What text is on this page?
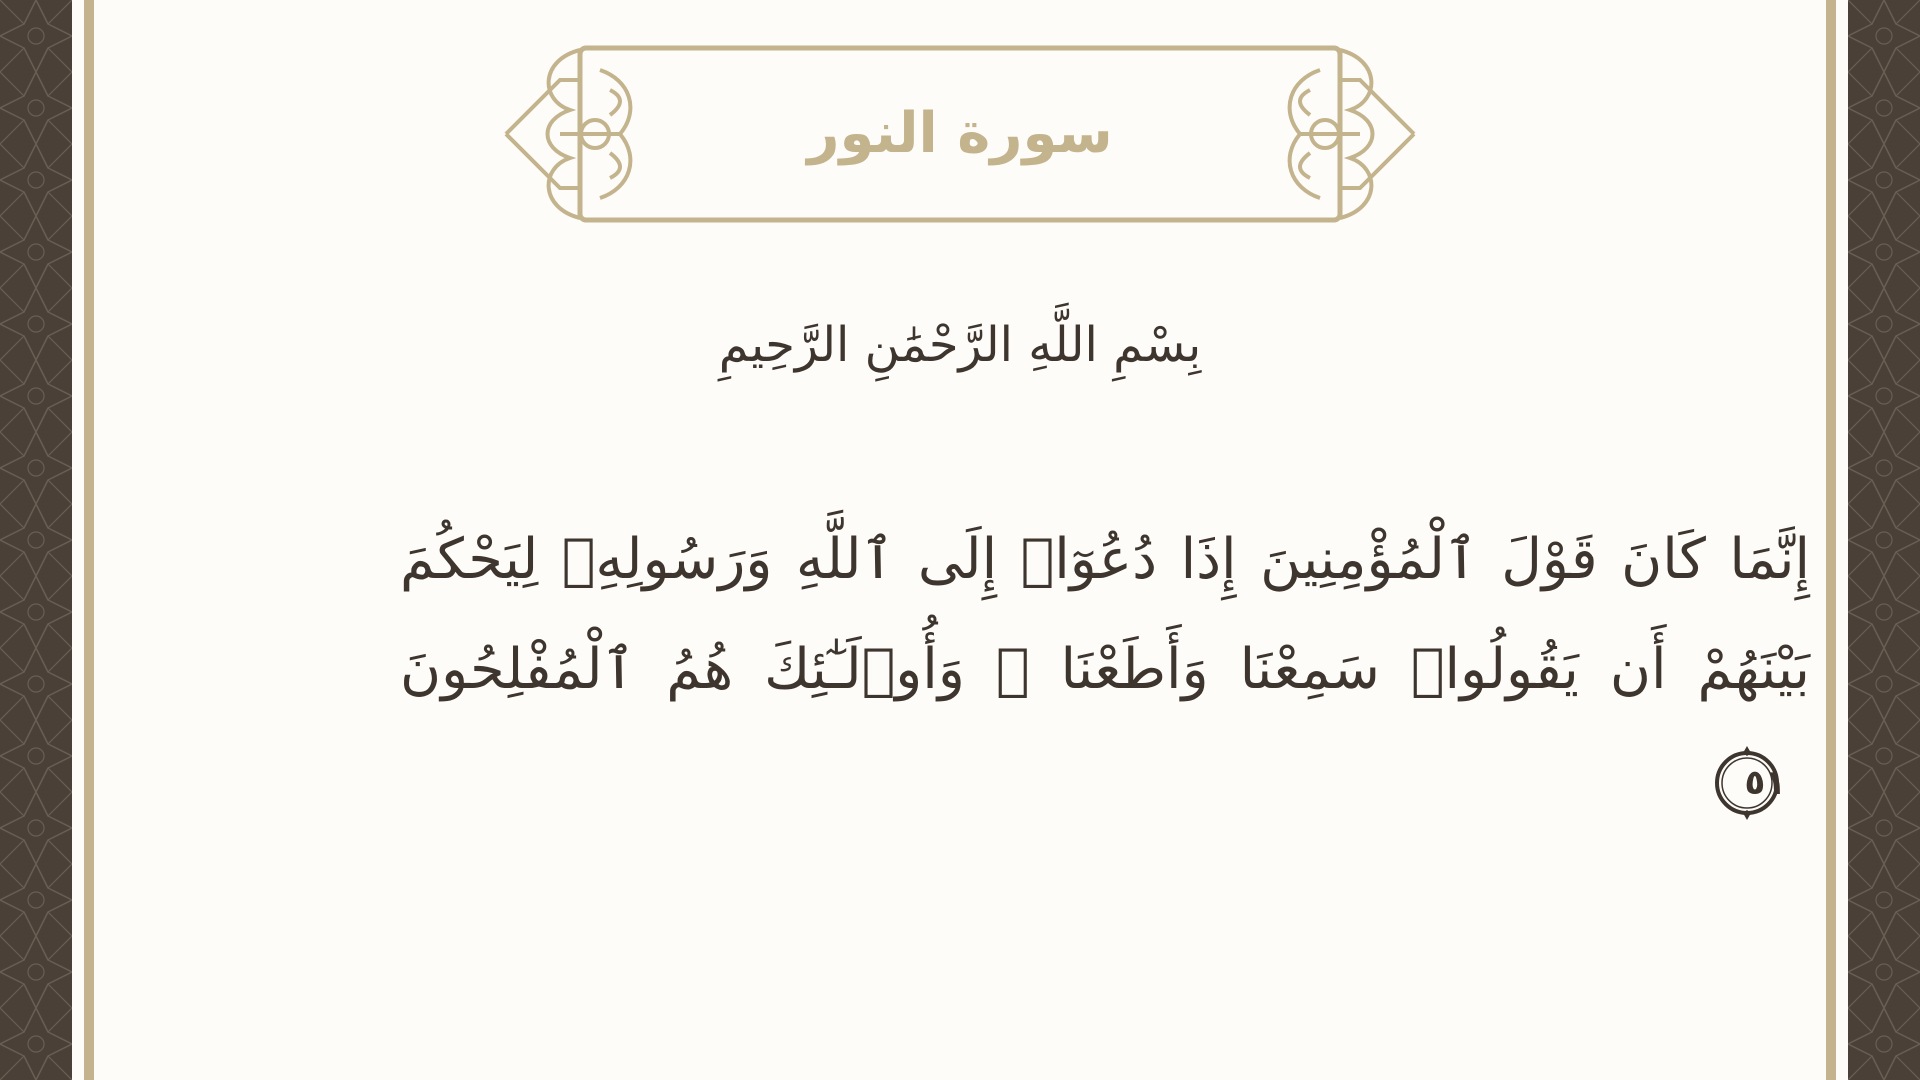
سورة النور
بِسْمِ اللَّهِ الرَّحْمَٰنِ الرَّحِيمِ
إِنَّمَا كَانَ قَوْلَ ٱلْمُؤْمِنِينَ إِذَا دُعُوٓا۟ إِلَى ٱللَّهِ وَرَسُولِهِۦ لِيَحْكُمَ بَيْنَهُمْ أَن يَقُولُوا۟ سَمِعْنَا وَأَطَعْنَا ۚ وَأُو۟لَـٰٓئِكَ هُمُ ٱلْمُفْلِحُونَ
٥١
